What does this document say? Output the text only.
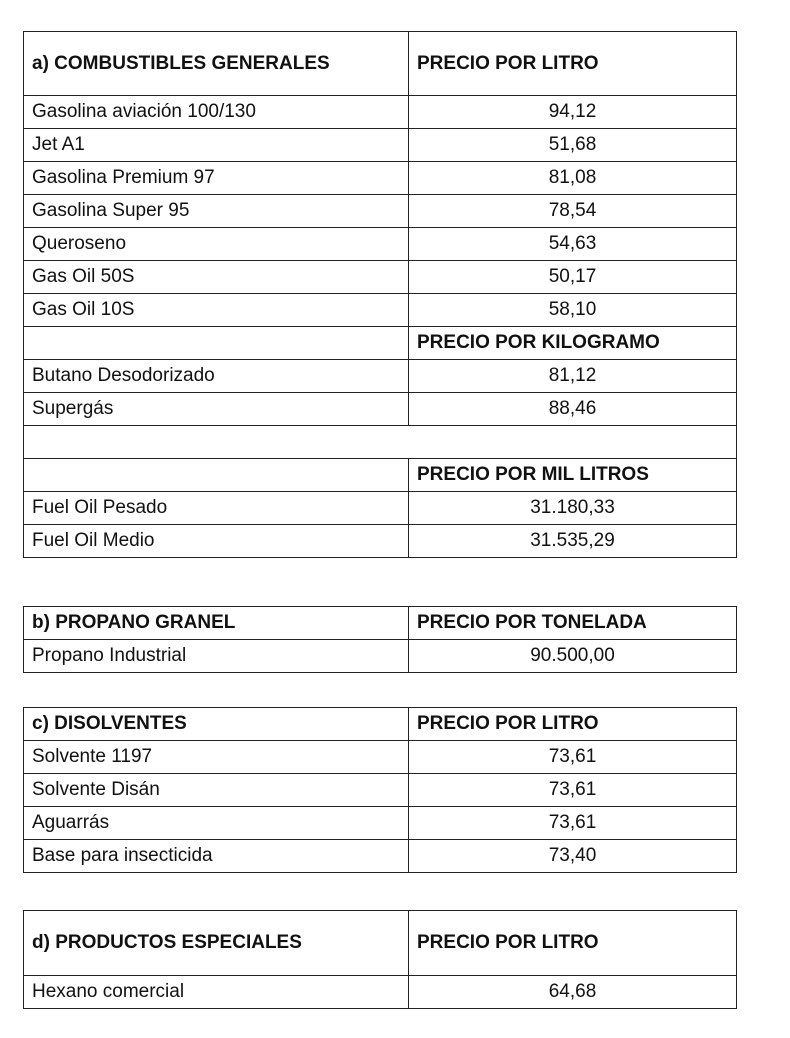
a) COMBUSTIBLES GENERALES	PRECIO POR LITRO
Gasolina aviación 100/130	94,12
Jet A1	51,68
Gasolina Premium 97	81,08
Gasolina Super 95	78,54
Queroseno	54,63
Gas Oil 50S	50,17
Gas Oil 10S	58,10
	PRECIO POR KILOGRAMO
Butano Desodorizado	81,12
Supergás	88,46

	PRECIO POR MIL LITROS
Fuel Oil Pesado	31.180,33
Fuel Oil Medio	31.535,29
b) PROPANO GRANEL	PRECIO POR TONELADA
Propano Industrial	90.500,00
c) DISOLVENTES	PRECIO POR LITRO
Solvente 1197	73,61
Solvente Disán	73,61
Aguarrás	73,61
Base para insecticida	73,40
d) PRODUCTOS ESPECIALES	PRECIO POR LITRO
Hexano comercial	64,68
